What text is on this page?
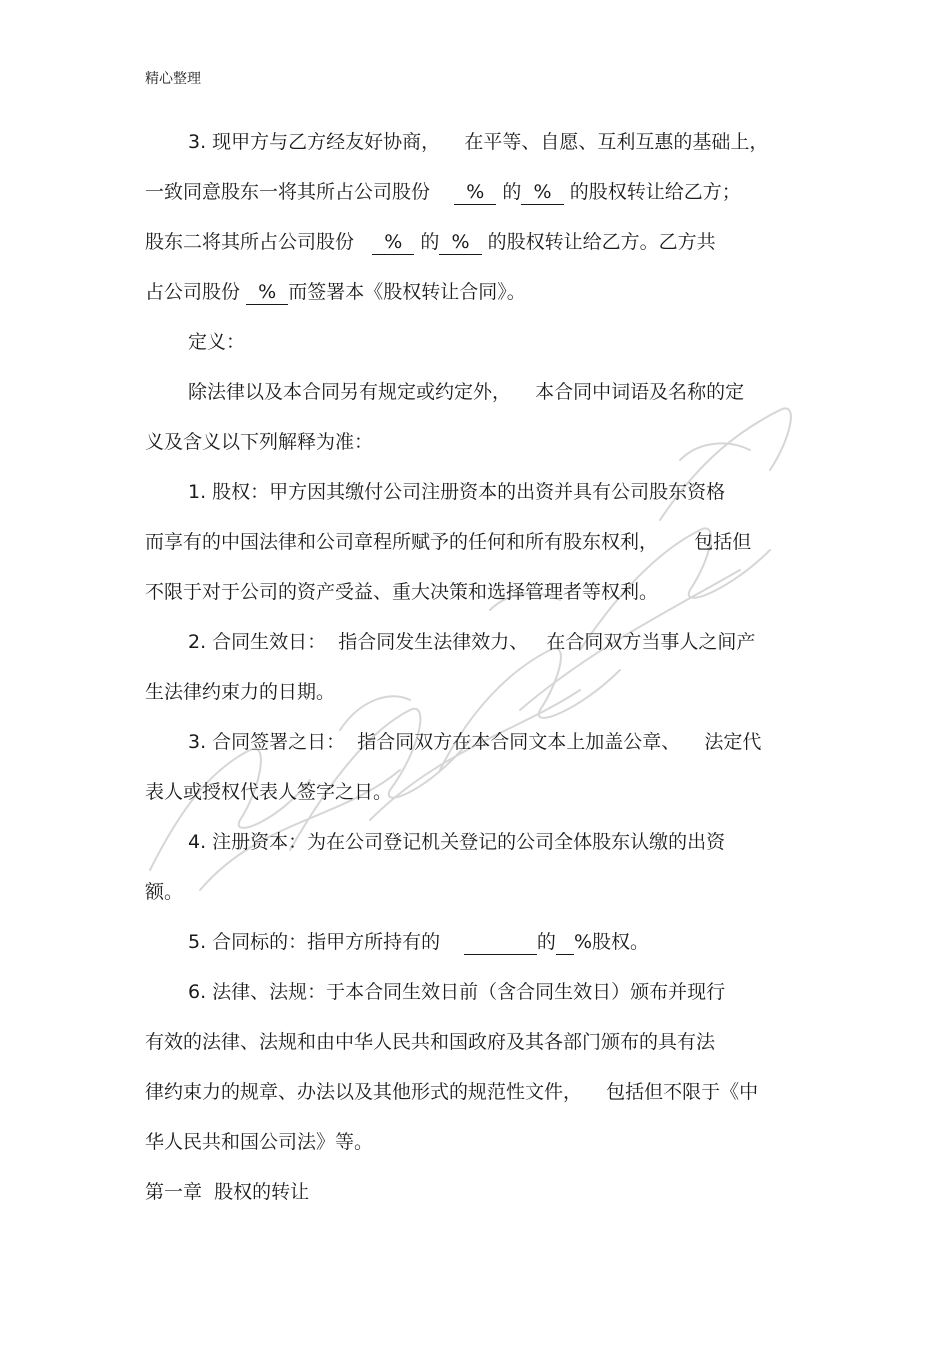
精心整理
3. 现甲方与乙方经友好协商，    在平等、自愿、互利互惠的基础上，
一致同意股东一将其所占公司股份      %   的  %   的股权转让给乙方；
股东二将其所占公司股份     %   的  %   的股权转让给乙方。乙方共
占公司股份   %  而签署本《股权转让合同》。
定义：
除法律以及本合同另有规定或约定外，    本合同中词语及名称的定
义及含义以下列解释为准：
1. 股权：甲方因其缴付公司注册资本的出资并具有公司股东资格
而享有的中国法律和公司章程所赋予的任何和所有股东权利，      包括但
不限于对于公司的资产受益、重大决策和选择管理者等权利。
2. 合同生效日：  指合同发生法律效力、   在合同双方当事人之间产
生法律约束力的日期。
3. 合同签署之日：  指合同双方在本合同文本上加盖公章、    法定代
表人或授权代表人签字之日。
4. 注册资本：为在公司登记机关登记的公司全体股东认缴的出资
额。
5. 合同标的：指甲方所持有的	的 %股权。
6. 法律、法规：于本合同生效日前（含合同生效日）颁布并现行
有效的法律、法规和由中华人民共和国政府及其各部门颁布的具有法
律约束力的规章、办法以及其他形式的规范性文件，    包括但不限于《中
华人民共和国公司法》等。
第一章  股权的转让
